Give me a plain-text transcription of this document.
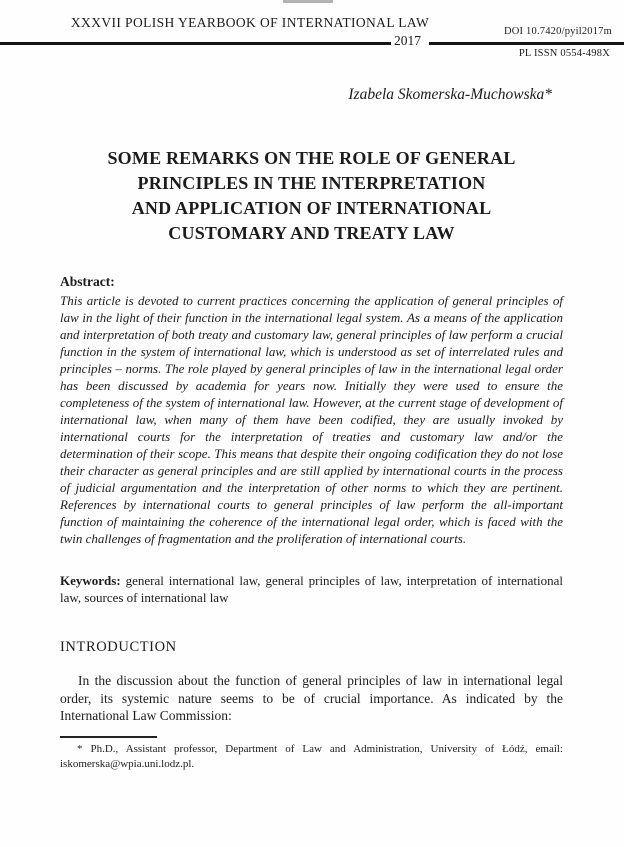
XXXVII POLISH YEARBOOK OF INTERNATIONAL LAW
2017
DOI 10.7420/pyil2017m
PL ISSN 0554-498X
Izabela Skomerska-Muchowska*
SOME REMARKS ON THE ROLE OF GENERAL
PRINCIPLES IN THE INTERPRETATION
AND APPLICATION OF INTERNATIONAL
CUSTOMARY AND TREATY LAW
Abstract:
This article is devoted to current practices concerning the application of general principles of law in the light of their function in the international legal system. As a means of the application and interpretation of both treaty and customary law, general principles of law perform a crucial function in the system of international law, which is understood as set of interrelated rules and principles – norms. The role played by general principles of law in the international legal order has been discussed by academia for years now. Initially they were used to ensure the completeness of the system of international law. However, at the current stage of development of international law, when many of them have been codified, they are usually invoked by international courts for the interpretation of treaties and customary law and/or the determination of their scope. This means that despite their ongoing codification they do not lose their character as general principles and are still applied by international courts in the process of judicial argumentation and the interpretation of other norms to which they are pertinent. References by international courts to general principles of law perform the all-important function of maintaining the coherence of the international legal order, which is faced with the twin challenges of fragmentation and the proliferation of international courts.
Keywords: general international law, general principles of law, interpretation of international law, sources of international law
INTRODUCTION
In the discussion about the function of general principles of law in international legal order, its systemic nature seems to be of crucial importance. As indicated by the International Law Commission:
* Ph.D., Assistant professor, Department of Law and Administration, University of Łódź, email: iskomerska@wpia.uni.lodz.pl.
